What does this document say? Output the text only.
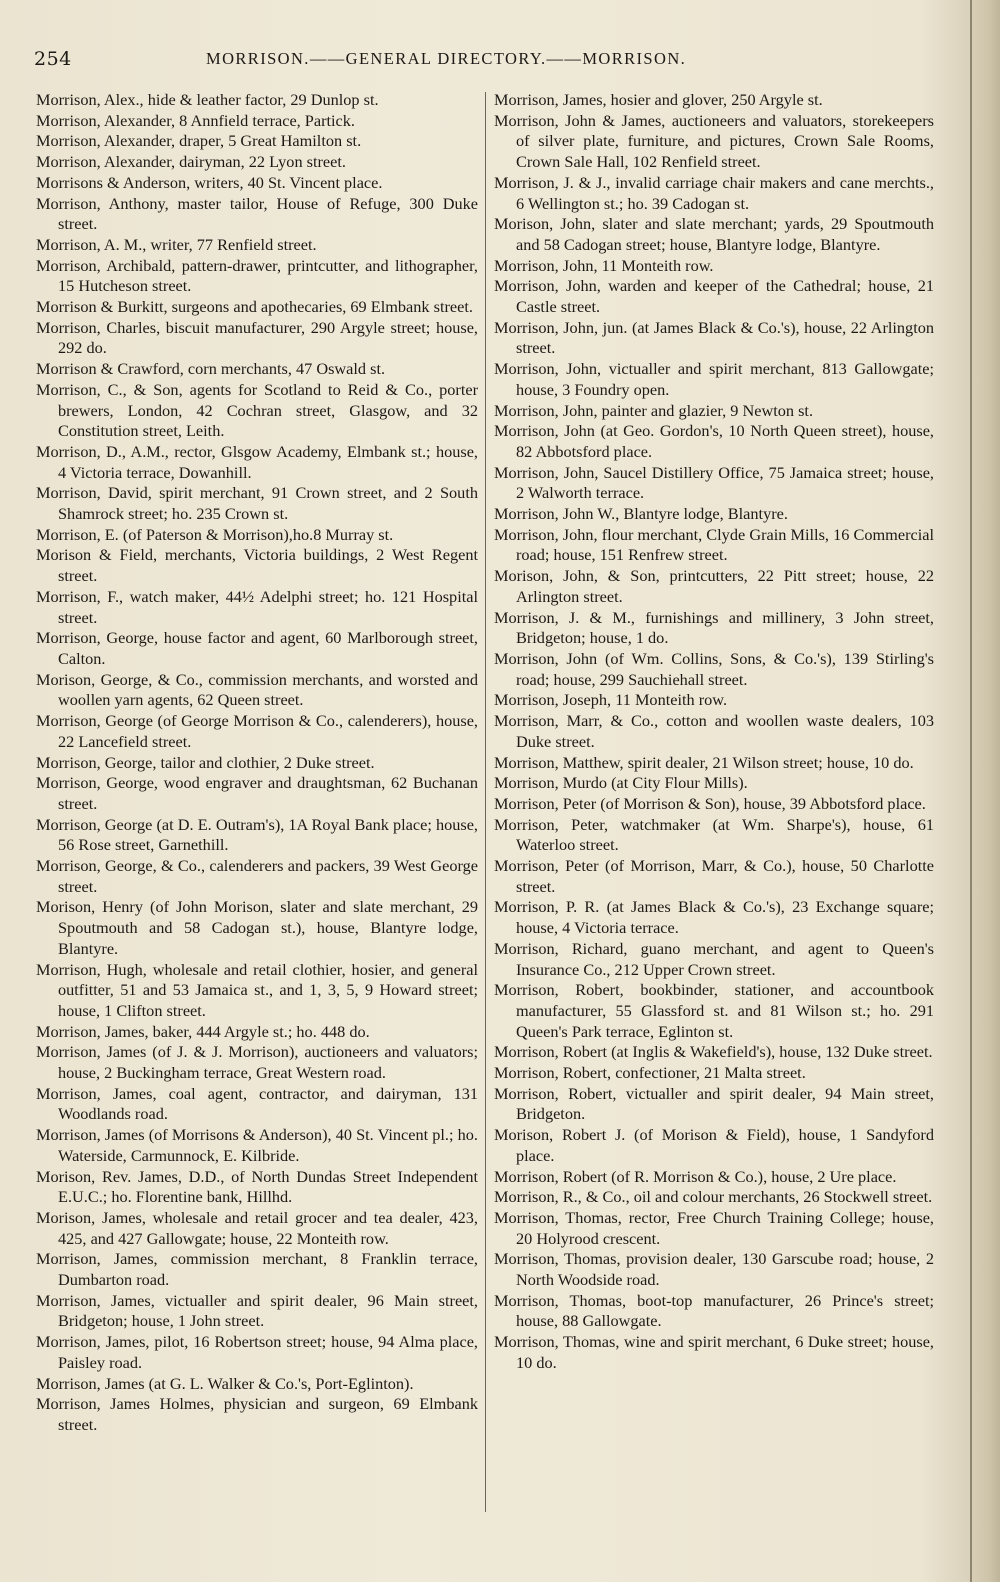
254	MORRISON.——GENERAL DIRECTORY.——MORRISON.

Morrison, Alex., hide & leather factor, 29 Dunlop st.

Morrison, Alexander, 8 Annfield terrace, Partick.

Morrison, Alexander, draper, 5 Great Hamilton st.

Morrison, Alexander, dairyman, 22 Lyon street.

Morrisons & Anderson, writers, 40 St. Vincent place.

Morrison, Anthony, master tailor, House of Refuge, 300 Duke street.

Morrison, A. M., writer, 77 Renfield street.

Morrison, Archibald, pattern-drawer, printcutter, and lithographer, 15 Hutcheson street.

Morrison & Burkitt, surgeons and apothecaries, 69 Elmbank street.

Morrison, Charles, biscuit manufacturer, 290 Argyle street; house, 292 do.

Morrison & Crawford, corn merchants, 47 Oswald st.

Morrison, C., & Son, agents for Scotland to Reid & Co., porter brewers, London, 42 Cochran street, Glasgow, and 32 Constitution street, Leith.

Morrison, D., A.M., rector, Glsgow Academy, Elmbank st.; house, 4 Victoria terrace, Dowanhill.

Morrison, David, spirit merchant, 91 Crown street, and 2 South Shamrock street; ho. 235 Crown st.

Morrison, E. (of Paterson & Morrison),ho.8 Murray st.

Morison & Field, merchants, Victoria buildings, 2 West Regent street.

Morrison, F., watch maker, 44½ Adelphi street; ho. 121 Hospital street.

Morrison, George, house factor and agent, 60 Marlborough street, Calton.

Morison, George, & Co., commission merchants, and worsted and woollen yarn agents, 62 Queen street.

Morrison, George (of George Morrison & Co., calenderers), house, 22 Lancefield street.

Morrison, George, tailor and clothier, 2 Duke street.

Morrison, George, wood engraver and draughtsman, 62 Buchanan street.

Morrison, George (at D. E. Outram's), 1A Royal Bank place; house, 56 Rose street, Garnethill.

Morrison, George, & Co., calenderers and packers, 39 West George street.

Morison, Henry (of John Morison, slater and slate merchant, 29 Spoutmouth and 58 Cadogan st.), house, Blantyre lodge, Blantyre.

Morrison, Hugh, wholesale and retail clothier, hosier, and general outfitter, 51 and 53 Jamaica st., and 1, 3, 5, 9 Howard street; house, 1 Clifton street.

Morrison, James, baker, 444 Argyle st.; ho. 448 do.

Morrison, James (of J. & J. Morrison), auctioneers and valuators; house, 2 Buckingham terrace, Great Western road.

Morrison, James, coal agent, contractor, and dairyman, 131 Woodlands road.

Morrison, James (of Morrisons & Anderson), 40 St. Vincent pl.; ho. Waterside, Carmunnock, E. Kilbride.

Morison, Rev. James, D.D., of North Dundas Street Independent E.U.C.; ho. Florentine bank, Hillhd.

Morison, James, wholesale and retail grocer and tea dealer, 423, 425, and 427 Gallowgate; house, 22 Monteith row.

Morrison, James, commission merchant, 8 Franklin terrace, Dumbarton road.

Morrison, James, victualler and spirit dealer, 96 Main street, Bridgeton; house, 1 John street.

Morrison, James, pilot, 16 Robertson street; house, 94 Alma place, Paisley road.

Morrison, James (at G. L. Walker & Co.'s, Port-Eglinton).

Morrison, James Holmes, physician and surgeon, 69 Elmbank street.

Morrison, James, hosier and glover, 250 Argyle st.

Morrison, John & James, auctioneers and valuators, storekeepers of silver plate, furniture, and pictures, Crown Sale Rooms, Crown Sale Hall, 102 Renfield street.

Morrison, J. & J., invalid carriage chair makers and cane merchts., 6 Wellington st.; ho. 39 Cadogan st.

Morison, John, slater and slate merchant; yards, 29 Spoutmouth and 58 Cadogan street; house, Blantyre lodge, Blantyre.

Morrison, John, 11 Monteith row.

Morrison, John, warden and keeper of the Cathedral; house, 21 Castle street.

Morrison, John, jun. (at James Black & Co.'s), house, 22 Arlington street.

Morrison, John, victualler and spirit merchant, 813 Gallowgate; house, 3 Foundry open.

Morrison, John, painter and glazier, 9 Newton st.

Morrison, John (at Geo. Gordon's, 10 North Queen street), house, 82 Abbotsford place.

Morrison, John, Saucel Distillery Office, 75 Jamaica street; house, 2 Walworth terrace.

Morrison, John W., Blantyre lodge, Blantyre.

Morrison, John, flour merchant, Clyde Grain Mills, 16 Commercial road; house, 151 Renfrew street.

Morison, John, & Son, printcutters, 22 Pitt street; house, 22 Arlington street.

Morrison, J. & M., furnishings and millinery, 3 John street, Bridgeton; house, 1 do.

Morrison, John (of Wm. Collins, Sons, & Co.'s), 139 Stirling's road; house, 299 Sauchiehall street.

Morrison, Joseph, 11 Monteith row.

Morrison, Marr, & Co., cotton and woollen waste dealers, 103 Duke street.

Morrison, Matthew, spirit dealer, 21 Wilson street; house, 10 do.

Morrison, Murdo (at City Flour Mills).

Morrison, Peter (of Morrison & Son), house, 39 Abbotsford place.

Morrison, Peter, watchmaker (at Wm. Sharpe's), house, 61 Waterloo street.

Morrison, Peter (of Morrison, Marr, & Co.), house, 50 Charlotte street.

Morrison, P. R. (at James Black & Co.'s), 23 Exchange square; house, 4 Victoria terrace.

Morrison, Richard, guano merchant, and agent to Queen's Insurance Co., 212 Upper Crown street.

Morrison, Robert, bookbinder, stationer, and accountbook manufacturer, 55 Glassford st. and 81 Wilson st.; ho. 291 Queen's Park terrace, Eglinton st.

Morrison, Robert (at Inglis & Wakefield's), house, 132 Duke street.

Morrison, Robert, confectioner, 21 Malta street.

Morrison, Robert, victualler and spirit dealer, 94 Main street, Bridgeton.

Morison, Robert J. (of Morison & Field), house, 1 Sandyford place.

Morrison, Robert (of R. Morrison & Co.), house, 2 Ure place.

Morrison, R., & Co., oil and colour merchants, 26 Stockwell street.

Morrison, Thomas, rector, Free Church Training College; house, 20 Holyrood crescent.

Morrison, Thomas, provision dealer, 130 Garscube road; house, 2 North Woodside road.

Morrison, Thomas, boot-top manufacturer, 26 Prince's street; house, 88 Gallowgate.

Morrison, Thomas, wine and spirit merchant, 6 Duke street; house, 10 do.
